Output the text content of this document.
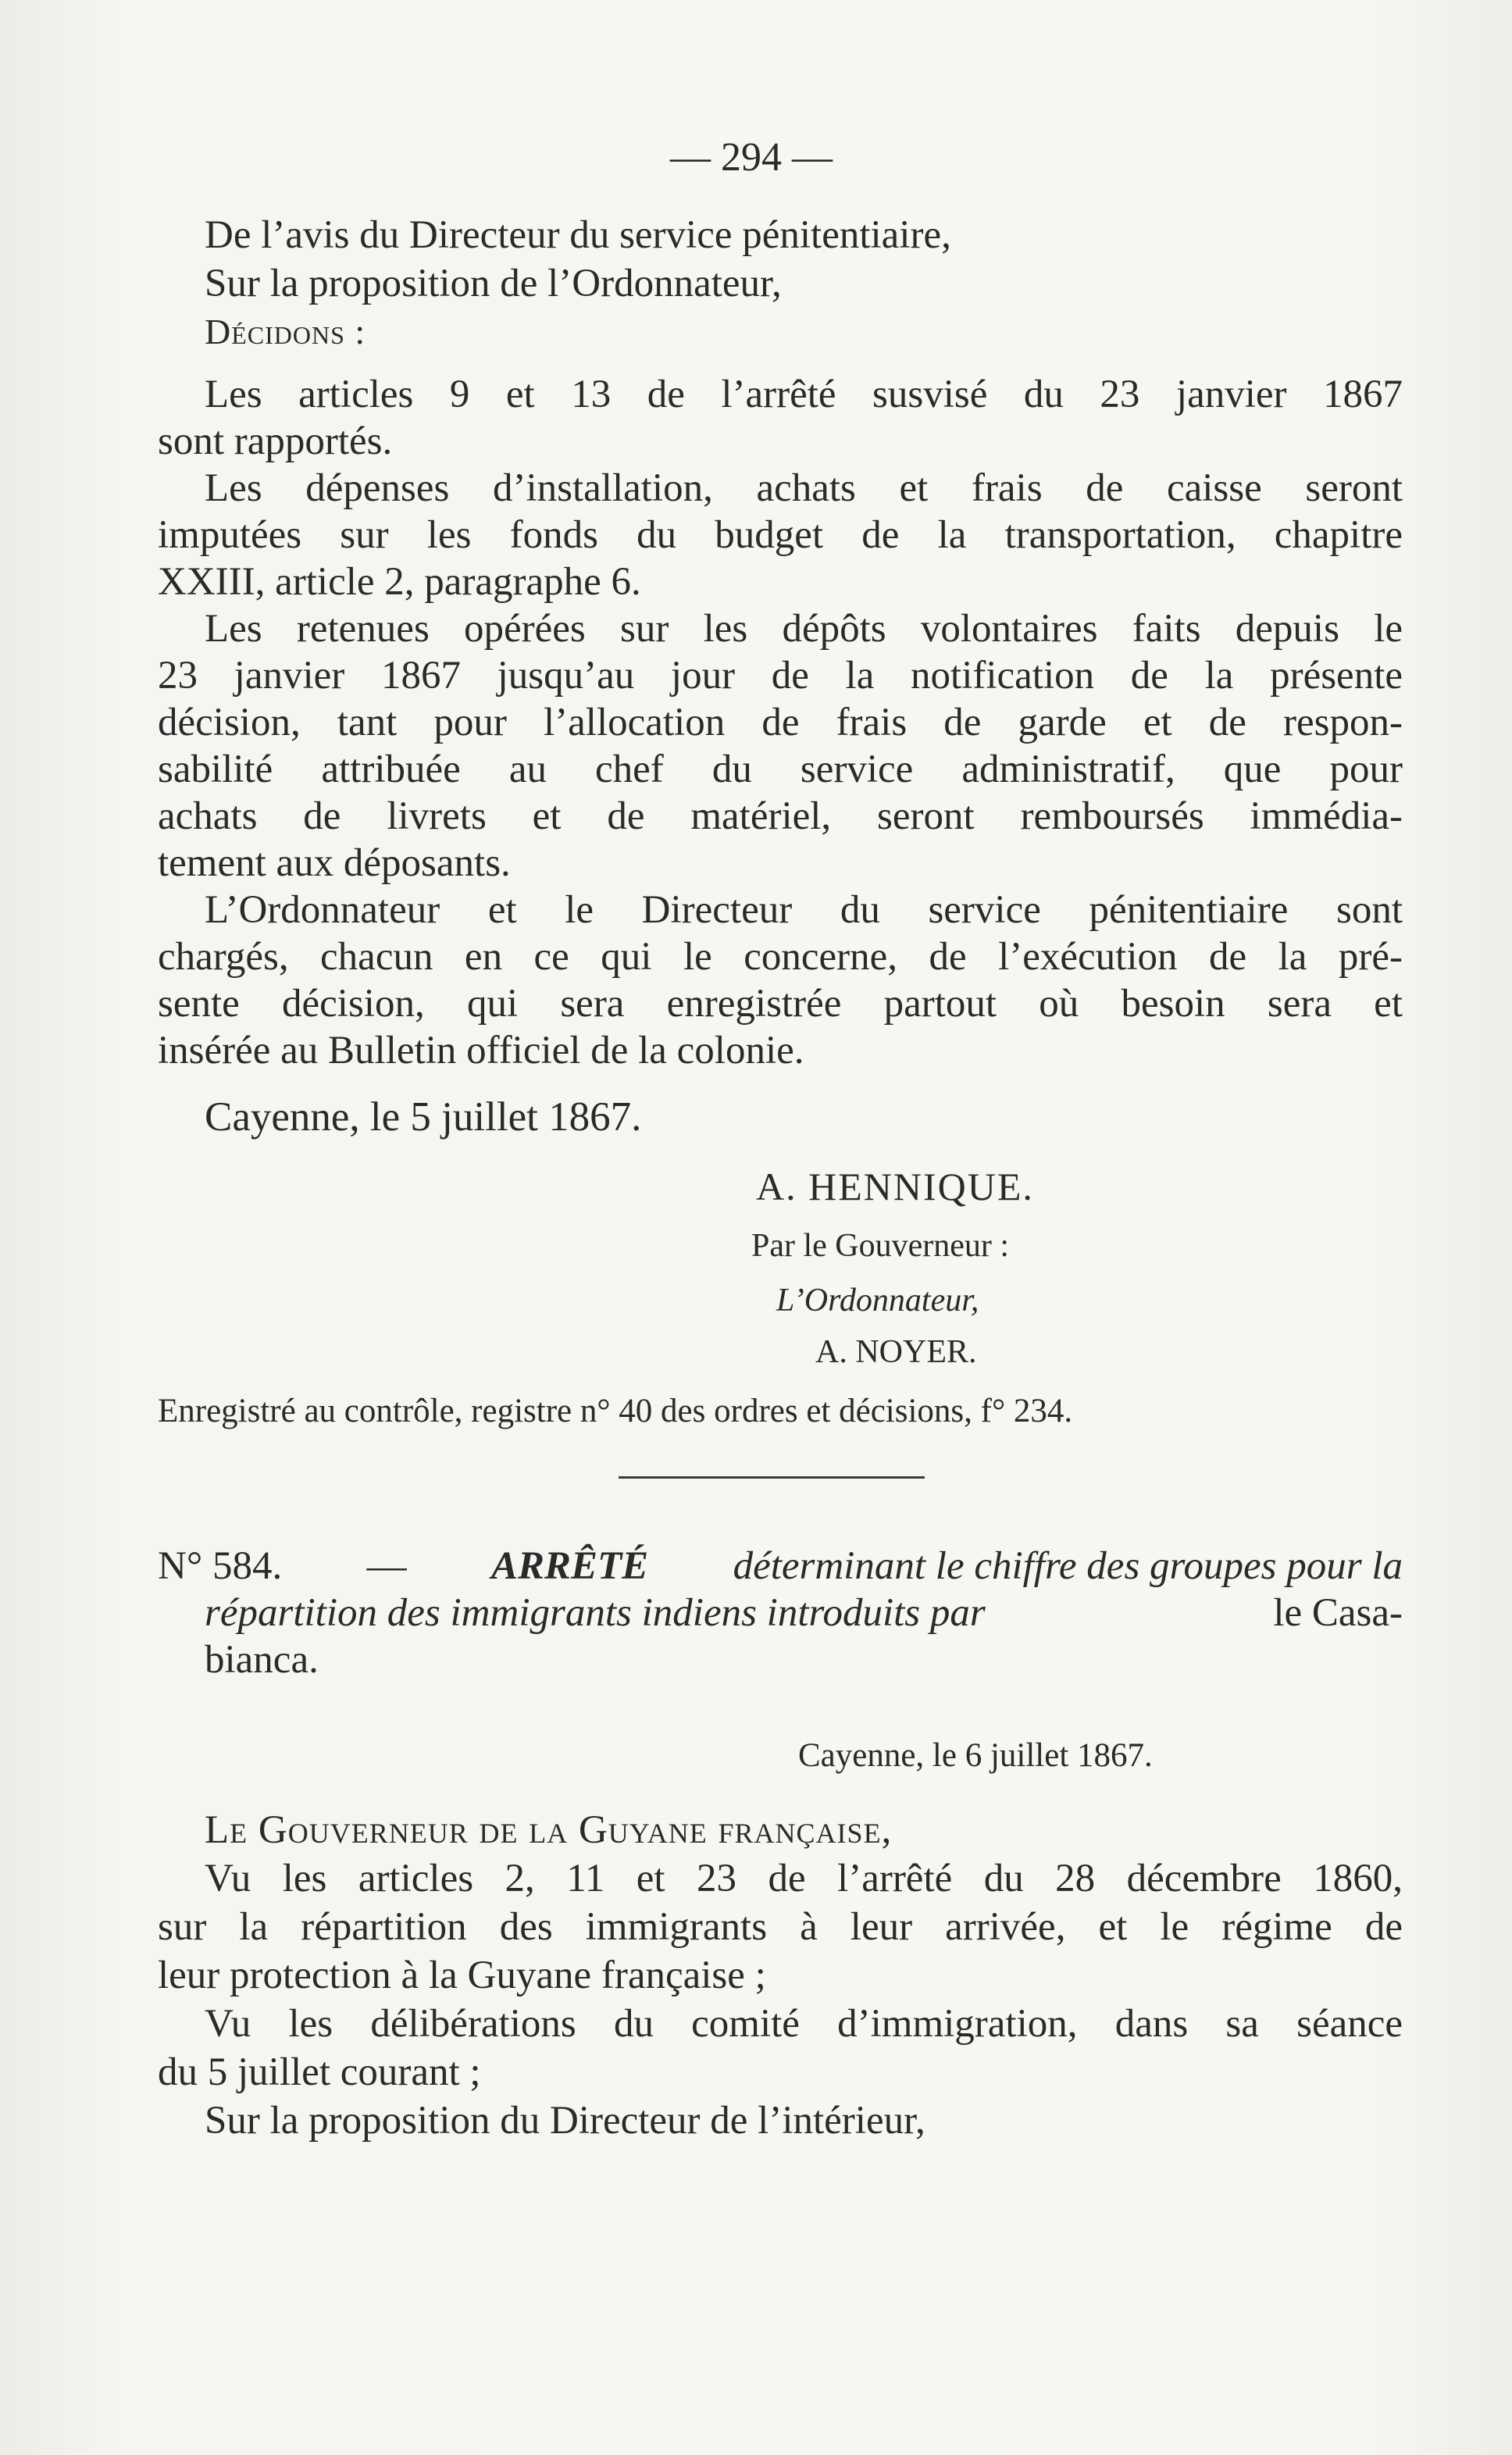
— 294 —
De l’avis du Directeur du service pénitentiaire,
Sur la proposition de l’Ordonnateur,
Décidons :
Les articles 9 et 13 de l’arrêté susvisé du 23 janvier 1867
sont rapportés.
Les dépenses d’installation, achats et frais de caisse seront
imputées sur les fonds du budget de la transportation, chapitre
XXIII, article 2, paragraphe 6.
Les retenues opérées sur les dépôts volontaires faits depuis le
23 janvier 1867 jusqu’au jour de la notification de la présente
décision, tant pour l’allocation de frais de garde et de respon-
sabilité attribuée au chef du service administratif, que pour
achats de livrets et de matériel, seront remboursés immédia-
tement aux déposants.
L’Ordonnateur et le Directeur du service pénitentiaire sont
chargés, chacun en ce qui le concerne, de l’exécution de la pré-
sente décision, qui sera enregistrée partout où besoin sera et
insérée au Bulletin officiel de la colonie.
Cayenne, le 5 juillet 1867.
A. HENNIQUE.
Par le Gouverneur :
L’Ordonnateur,
A. NOYER.
Enregistré au contrôle, registre n° 40 des ordres et décisions, f° 234.
N° 584. — ARRÊTÉ déterminant le chiffre des groupes pour la
répartition des immigrants indiens introduits par	le Casa-
bianca.
Cayenne, le 6 juillet 1867.
Le Gouverneur de la Guyane française,
Vu les articles 2, 11 et 23 de l’arrêté du 28 décembre 1860,
sur la répartition des immigrants à leur arrivée, et le régime de
leur protection à la Guyane française ;
Vu les délibérations du comité d’immigration, dans sa séance
du 5 juillet courant ;
Sur la proposition du Directeur de l’intérieur,
